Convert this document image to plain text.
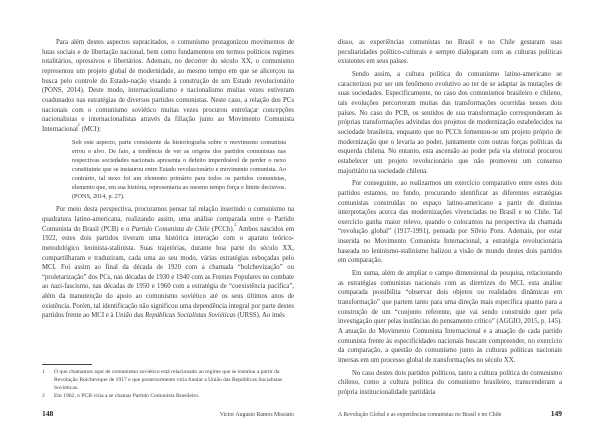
Para além destes aspectos supracitados, o comunismo protagonizou movimentos de lutas sociais e de libertação nacional, bem como fundamentou em termos políticos regimes totalitários, opressivos e libertários. Ademais, no decorrer do século XX, o comunismo representou um projeto global de modernidade, ao mesmo tempo em que se alicerçou na busca pelo controle do Estado-nação visando à construção de um Estado revolucionário (PONS, 2014). Deste modo, internacionalismo e nacionalismo muitas vezes estiveram coadunados nas estratégias de diversos partidos comunistas. Neste caso, a relação dos PCs nacionais com o comunismo soviético muitas vezes procurou entrelaçar concepções nacionalistas e internacionalistas através da filiação junto ao Movimento Comunista Internacional$^1$ (MCI):

Sob este aspecto, parte consistente da historiografia sobre o movimento comunista errou o alvo. De fato, a tendência de ver as origens dos partidos comunistas nas respectivas sociedades nacionais apresenta o defeito imperdoável de perder o nexo constituinte que se instaurou entre Estado revolucionário e movimento comunista. Ao contrário, tal nexo foi um elemento primário para todos os partidos comunistas, elemento que, em sua história, representaria ao mesmo tempo força e limite decisivos. (PONS, 2014, p. 27).

Por meio desta perspectiva, procuramos pensar tal relação inserindo o comunismo na quadratura latino-americana, realizando assim, uma análise comparada entre o Partido Comunista do Brasil (PCB) e o Partido Comunista de Chile (PCCh).$^2$ Ambos nascidos em 1922, estes dois partidos tiveram uma histórica interação com o aparato teórico-metodológico leninista-stalinista. Suas trajetórias, durante boa parte do século XX, compartilharam e traduziram, cada uma ao seu modo, várias estratégias esboçadas pelo MCI. Foi assim ao final da década de 1920 com a chamada “bolchevização” ou “proletarização” dos PCs, nas décadas de 1930 e 1940 com as Frentes Populares no combate ao nazi-fascismo, nas décadas de 1950 e 1960 com a estratégia de “coexistência pacífica”, além da manutenção do apoio ao comunismo soviético até os seus últimos anos de existência. Porém, tal identificação não significou uma dependência integral por parte destes partidos frente ao MCI e à União das Repúblicas Socialistas Soviéticas (URSS). Ao imés

1	O que chamamos aqui de comunismo soviético está relacionado ao regime que se instalou a partir da Revolução Bolchevique de 1917 e que posteriormente viria fundar a União das Repúblicas Socialistas Soviéticas.
2	Em 1962, o PCB viria a se chamar Partido Comunista Brasileiro.
148	Victor Augusto Ramos Missiato

disso, as experiências comunistas no Brasil e no Chile gestaram suas peculiaridades político-culturais e sempre dialogaram com as culturas políticas existentes em seus países.

Sendo assim, a cultura política do comunismo latino-americano se caracterizou por ser um fenômeno evolutivo ao ter de se adaptar às mutações de suas sociedades. Especificamente, no caso dos comunismos brasileiro e chileno, tais evoluções percorreram muitas das transformações ocorridas nesses dois países. No caso do PCB, os sentidos de sua transformação corresponderam às próprias transformações advindas dos projetos de modernização estabelecidos na sociedade brasileira, enquanto que no PCCh fomentou-se um projeto próprio de modernização que o levaria ao poder, juntamente com outras forças políticas da esquerda chilena. No entanto, esta ascensão ao poder pela via eleitoral procurou estabelecer um projeto revolucionário que não promoveu um consenso majoritário na sociedade chilena.

Por conseguinte, ao realizarmos um exercício comparativo entre estes dois partidos estamos, no fundo, procurando identificar as diferentes estratégias comunistas construídas no espaço latino-americano a partir de distintas interpretações acerca das modernizações vivenciadas no Brasil e no Chile. Tal exercício ganha maior relevo, quando o colocamos na perspectiva da chamada “revolução global” (1917-1991), pensada por Silvio Pons. Ademais, por estar inserida no Movimento Comunista Internacional, a estratégia revolucionária baseada no leninismo-stalinismo balizou a visão de mundo destes dois partidos em comparação.

Em suma, além de ampliar o campo dimensional da pesquisa, relacionando as estratégias comunistas nacionais com as diretrizes do MCI, esta análise comparada possibilita “observar dois objetos ou realidades dinâmicas em transformação” que partem tanto para uma direção mais específica quanto para a construção de um “conjunto referente, que vai sendo construído quer pela investigação quer pelas instâncias do pensamento crítico” (AGGIO, 2015, p. 145). A atuação do Movimento Comunista Internacional e a atuação de cada partido comunista frente às especificidades nacionais buscam compreender, no exercício da comparação, a questão do comunismo junto às culturas políticas nacionais imersas em um processo global de transformações no século XX.

No caso destes dois partidos políticos, tanto a cultura política do comunismo chileno, como a cultura política do comunismo brasileiro, transcenderam a própria institucionalidade partidária

A Revolução Global e as experiências comunistas no Brasil e no Chile	149
